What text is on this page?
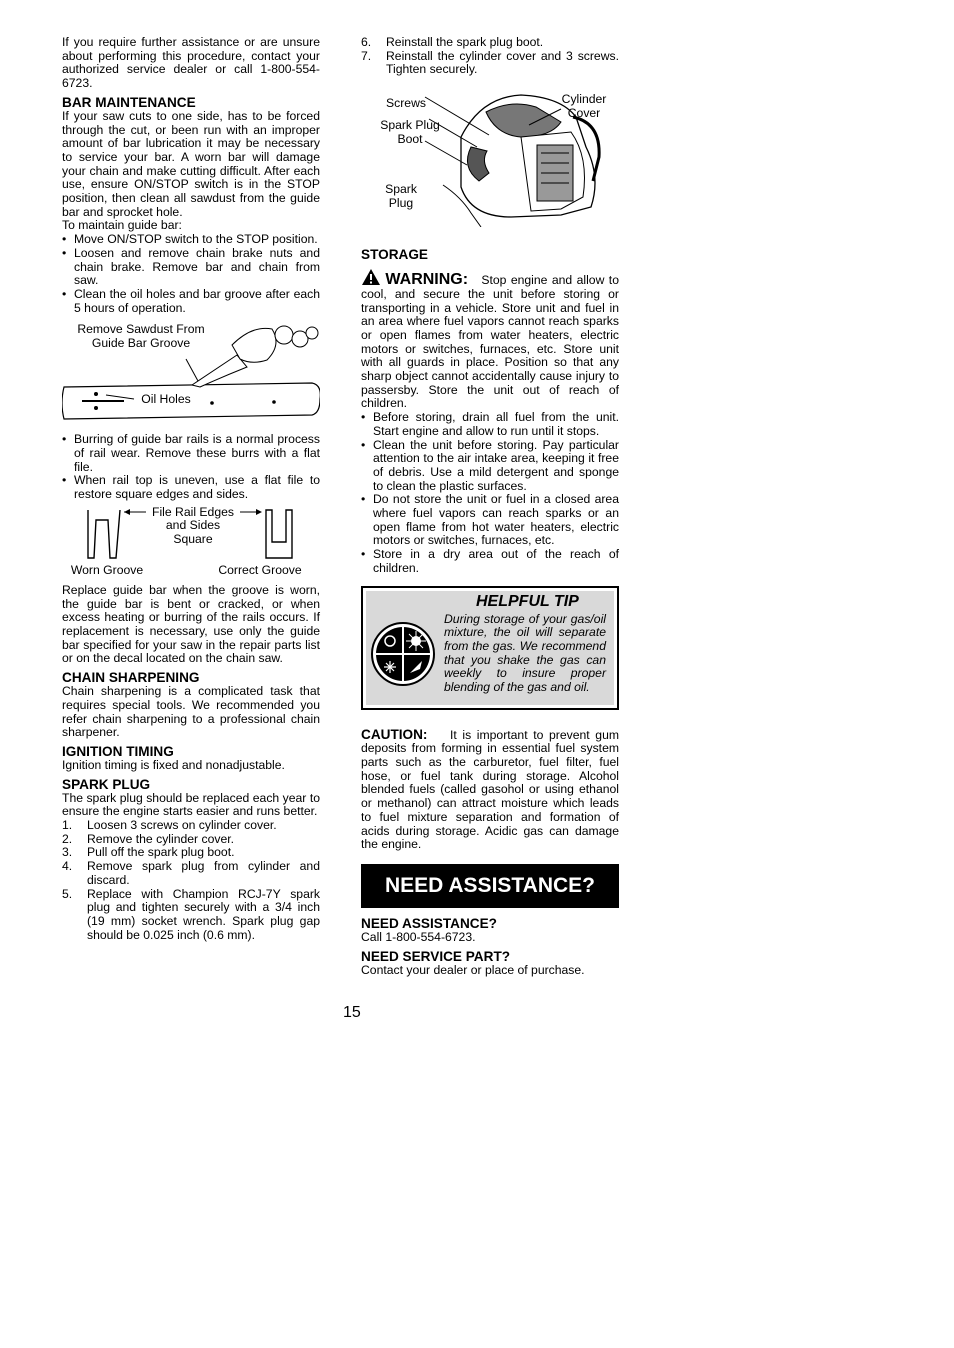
If you require further assistance or are unsure about performing this procedure, contact your authorized service dealer or call 1-800-554-6723.

BAR MAINTENANCE

If your saw cuts to one side, has to be forced through the cut, or been run with an improper amount of bar lubrication it may be necessary to service your bar. A worn bar will damage your chain and make cutting difficult. After each use, ensure ON/STOP switch is in the STOP position, then clean all sawdust from the guide bar and sprocket hole.

To maintain guide bar:

• Move ON/STOP switch to the STOP position.
• Loosen and remove chain brake nuts and chain brake. Remove bar and chain from saw.
• Clean the oil holes and bar groove after each 5 hours of operation.
Remove Sawdust From Guide Bar Groove
Oil Holes
• Burring of guide bar rails is a normal process of rail wear. Remove these burrs with a flat file.
• When rail top is uneven, use a flat file to restore square edges and sides.
File Rail Edges and Sides Square
Worn Groove	Correct Groove

Replace guide bar when the groove is worn, the guide bar is bent or cracked, or when excess heating or burring of the rails occurs. If replacement is necessary, use only the guide bar specified for your saw in the repair parts list or on the decal located on the chain saw.

CHAIN SHARPENING

Chain sharpening is a complicated task that requires special tools. We recommended you refer chain sharpening to a professional chain sharpener.

IGNITION TIMING

Ignition timing is fixed and nonadjustable.

SPARK PLUG

The spark plug should be replaced each year to ensure the engine starts easier and runs better.

1. Loosen 3 screws on cylinder cover.
2. Remove the cylinder cover.
3. Pull off the spark plug boot.
4. Remove spark plug from cylinder and discard.
5. Replace with Champion RCJ-7Y spark plug and tighten securely with a 3/4 inch (19 mm) socket wrench. Spark plug gap should be 0.025 inch (0.6 mm).
6. Reinstall the spark plug boot.
7. Reinstall the cylinder cover and 3 screws. Tighten securely.
Screws	Cylinder Cover
Spark Plug Boot
Spark Plug
STORAGE

WARNING: Stop engine and allow to cool, and secure the unit before storing or transporting in a vehicle. Store unit and fuel in an area where fuel vapors cannot reach sparks or open flames from water heaters, electric motors or switches, furnaces, etc. Store unit with all guards in place. Position so that any sharp object cannot accidentally cause injury to passersby. Store the unit out of reach of children.

• Before storing, drain all fuel from the unit. Start engine and allow to run until it stops.
• Clean the unit before storing. Pay particular attention to the air intake area, keeping it free of debris. Use a mild detergent and sponge to clean the plastic surfaces.
• Do not store the unit or fuel in a closed area where fuel vapors can reach sparks or an open flame from hot water heaters, electric motors or switches, furnaces, etc.
• Store in a dry area out of the reach of children.
HELPFUL TIP
During storage of your gas/oil mixture, the oil will separate from the gas. We recommend that you shake the gas can weekly to insure proper blending of the gas and oil.

CAUTION: It is important to prevent gum deposits from forming in essential fuel system parts such as the carburetor, fuel filter, fuel hose, or fuel tank during storage. Alcohol blended fuels (called gasohol or using ethanol or methanol) can attract moisture which leads to fuel mixture separation and formation of acids during storage. Acidic gas can damage the engine.

NEED ASSISTANCE?
NEED ASSISTANCE?

Call 1-800-554-6723.

NEED SERVICE PART?

Contact your dealer or place of purchase.

15
